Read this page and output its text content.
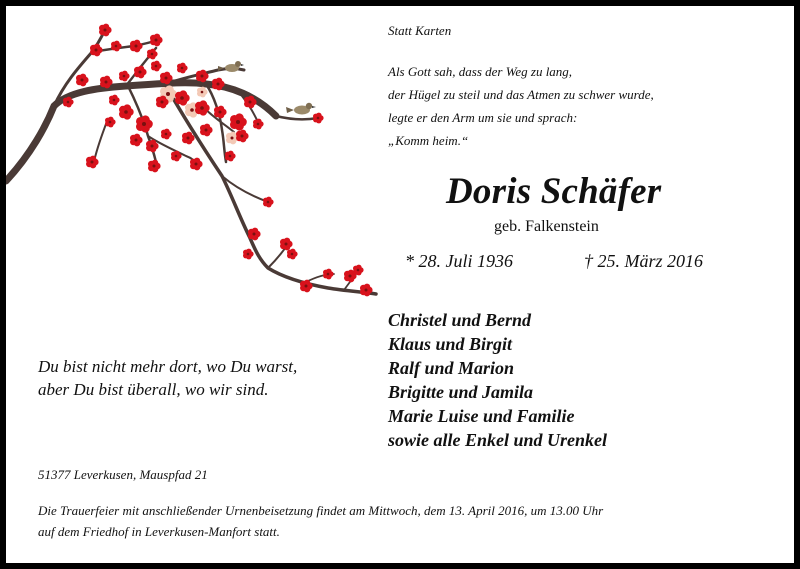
Statt Karten
Als Gott sah, dass der Weg zu lang,
der Hügel zu steil und das Atmen zu schwer wurde,
legte er den Arm um sie und sprach:
„Komm heim.“
Doris Schäfer
geb. Falkenstein
* 28. Juli 1936	† 25. März 2016
Christel und Bernd
Klaus und Birgit
Ralf und Marion
Brigitte und Jamila
Marie Luise und Familie
sowie alle Enkel und Urenkel
Du bist nicht mehr dort, wo Du warst,
aber Du bist überall, wo wir sind.
51377 Leverkusen, Mauspfad 21
Die Trauerfeier mit anschließender Urnenbeisetzung findet am Mittwoch, dem 13. April 2016, um 13.00 Uhr
auf dem Friedhof in Leverkusen-Manfort statt.
